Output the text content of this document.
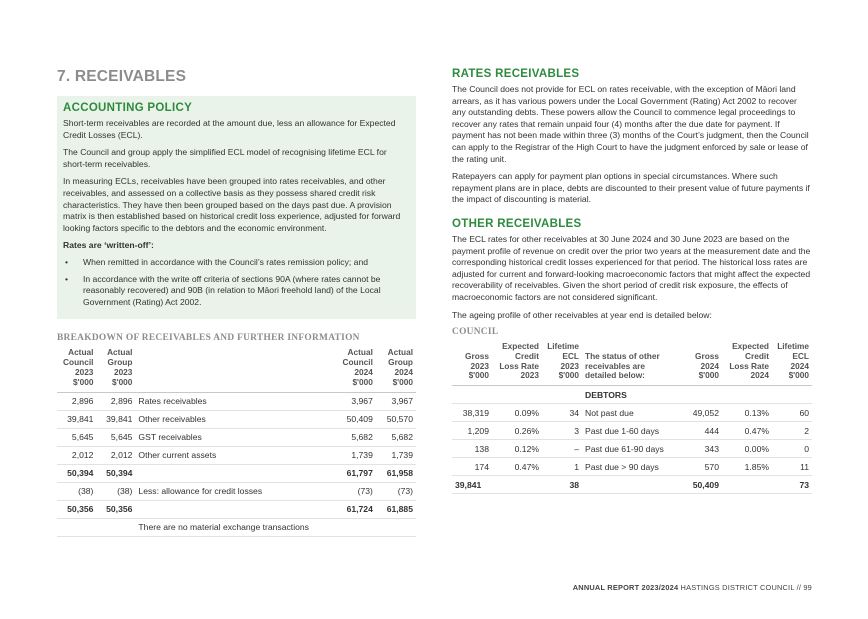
7. RECEIVABLES
ACCOUNTING POLICY

Short-term receivables are recorded at the amount due, less an allowance for Expected Credit Losses (ECL).

The Council and group apply the simplified ECL model of recognising lifetime ECL for short-term receivables.

In measuring ECLs, receivables have been grouped into rates receivables, and other receivables, and assessed on a collective basis as they possess shared credit risk characteristics. They have then been grouped based on the days past due. A provision matrix is then established based on historical credit loss experience, adjusted for forward looking factors specific to the debtors and the economic environment.

Rates are ‘written-off’:

• When remitted in accordance with the Council’s rates remission policy; and
• In accordance with the write off criteria of sections 90A (where rates cannot be reasonably recovered) and 90B (in relation to Māori freehold land) of the Local Government (Rating) Act 2002.
BREAKDOWN OF RECEIVABLES AND FURTHER INFORMATION
Actual
Council
2023
$'000	Actual
Group
2023
$'000		Actual
Council
2024
$'000	Actual
Group
2024
$'000
2,896	2,896	Rates receivables	3,967	3,967
39,841	39,841	Other receivables	50,409	50,570
5,645	5,645	GST receivables	5,682	5,682
2,012	2,012	Other current assets	1,739	1,739
50,394	50,394		61,797	61,958
(38)	(38)	Less: allowance for credit losses	(73)	(73)
50,356	50,356		61,724	61,885
		There are no material exchange transactions		
RATES RECEIVABLES

The Council does not provide for ECL on rates receivable, with the exception of Māori land arrears, as it has various powers under the Local Government (Rating) Act 2002 to recover any outstanding debts. These powers allow the Council to commence legal proceedings to recover any rates that remain unpaid four (4) months after the due date for payment. If payment has not been made within three (3) months of the Court’s judgment, then the Council can apply to the Registrar of the High Court to have the judgment enforced by sale or lease of the rating unit.

Ratepayers can apply for payment plan options in special circumstances. Where such repayment plans are in place, debts are discounted to their present value of future payments if the impact of discounting is material.

OTHER RECEIVABLES

The ECL rates for other receivables at 30 June 2024 and 30 June 2023 are based on the payment profile of revenue on credit over the prior two years at the measurement date and the corresponding historical credit losses experienced for that period. The historical loss rates are adjusted for current and forward-looking macroeconomic factors that might affect the expected recoverability of receivables. Given the short period of credit risk exposure, the effects of macroeconomic factors are not considered significant.

The ageing profile of other receivables at year end is detailed below:

COUNCIL
Gross
2023
$'000	Expected
Credit
Loss Rate
2023	Lifetime
ECL
2023
$'000	The status of other
receivables are
detailed below:	Gross
2024
$'000	Expected
Credit
Loss Rate
2024	Lifetime
ECL
2024
$'000
			DEBTORS			
38,319	0.09%	34	Not past due	49,052	0.13%	60
1,209	0.26%	3	Past due 1-60 days	444	0.47%	2
138	0.12%	–	Past due 61-90 days	343	0.00%	0
174	0.47%	1	Past due > 90 days	570	1.85%	11
39,841		38		50,409		73
ANNUAL REPORT 2023/2024 HASTINGS DISTRICT COUNCIL // 99
